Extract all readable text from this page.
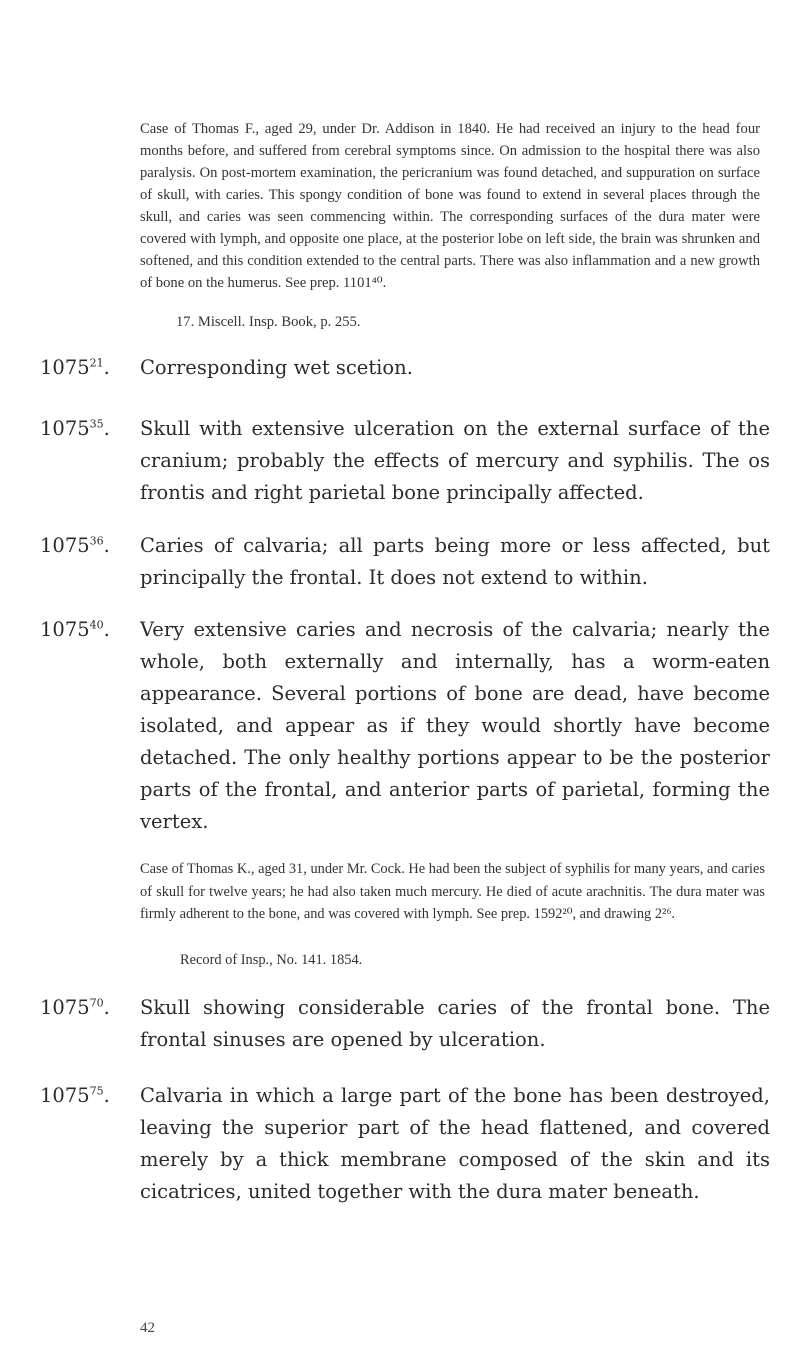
Case of Thomas F., aged 29, under Dr. Addison in 1840. He had received an injury to the head four months before, and suffered from cerebral symptoms since. On admission to the hospital there was also paralysis. On post-mortem examination, the pericranium was found detached, and suppuration on surface of skull, with caries. This spongy condition of bone was found to extend in several places through the skull, and caries was seen commencing within. The corresponding surfaces of the dura mater were covered with lymph, and opposite one place, at the posterior lobe on left side, the brain was shrunken and softened, and this condition extended to the central parts. There was also inflammation and a new growth of bone on the humerus. See prep. 1101⁴⁰.
17. Miscell. Insp. Book, p. 255.
1075$^{21}$.	Corresponding wet scetion.
1075$^{35}$.	Skull with extensive ulceration on the external surface of the cranium; probably the effects of mercury and syphilis. The os frontis and right parietal bone principally affected.
1075$^{36}$.	Caries of calvaria; all parts being more or less affected, but principally the frontal. It does not extend to within.
1075$^{40}$.	Very extensive caries and necrosis of the calvaria; nearly the whole, both externally and internally, has a worm-eaten appearance. Several portions of bone are dead, have become isolated, and appear as if they would shortly have become detached. The only healthy portions appear to be the posterior parts of the frontal, and anterior parts of parietal, forming the vertex.
Case of Thomas K., aged 31, under Mr. Cock. He had been the subject of syphilis for many years, and caries of skull for twelve years; he had also taken much mercury. He died of acute arachnitis. The dura mater was firmly adherent to the bone, and was covered with lymph. See prep. 1592²⁰, and drawing 2²⁶.
Record of Insp., No. 141. 1854.
1075$^{70}$.	Skull showing considerable caries of the frontal bone. The frontal sinuses are opened by ulceration.
1075$^{75}$.	Calvaria in which a large part of the bone has been destroyed, leaving the superior part of the head flattened, and covered merely by a thick membrane composed of the skin and its cicatrices, united together with the dura mater beneath.
42
